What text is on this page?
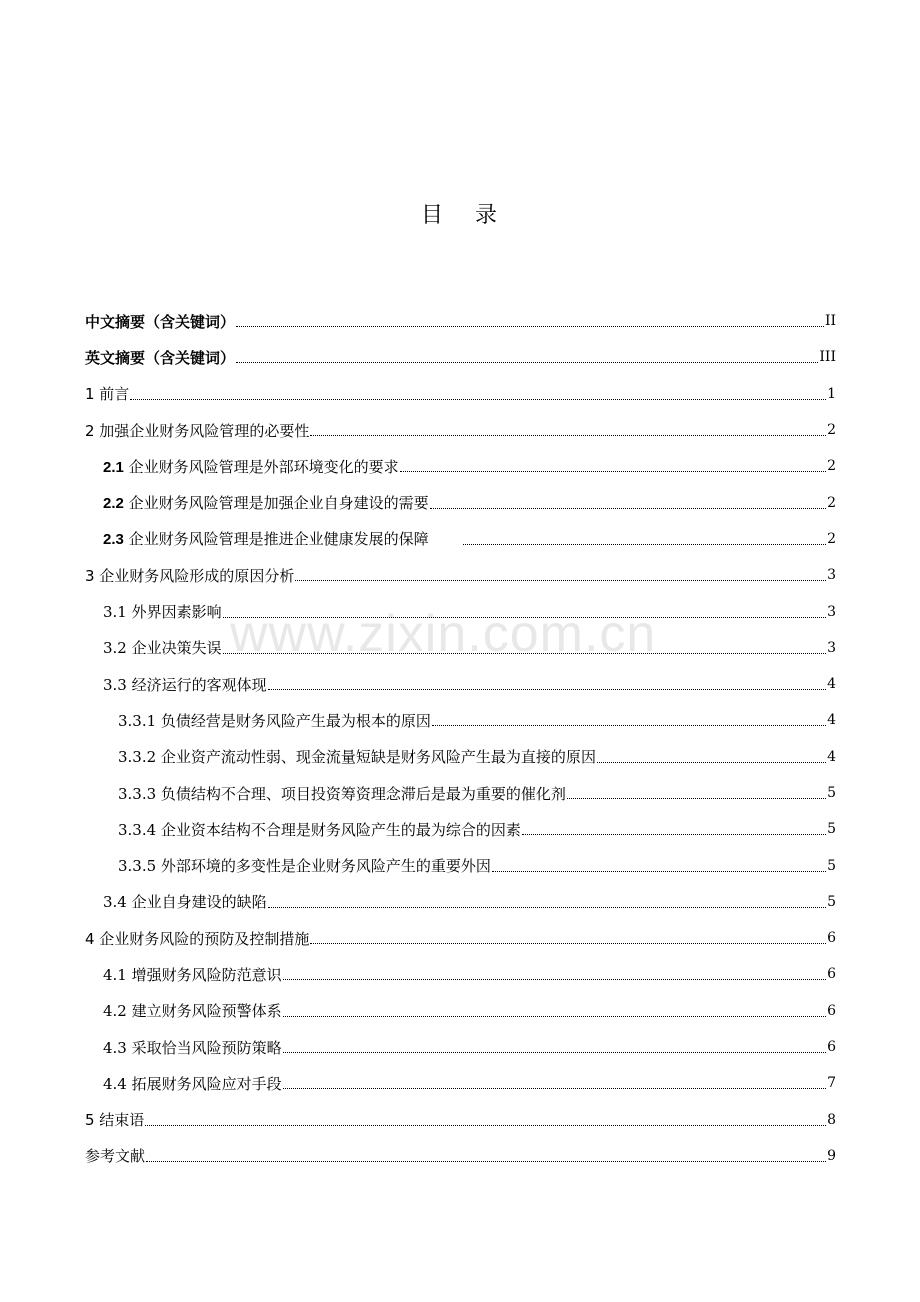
目 录
www.zixin.com.cn
中文摘要（含关键词）	II
英文摘要（含关键词）	III
1 前言	1
2 加强企业财务风险管理的必要性	2
2.1 企业财务风险管理是外部环境变化的要求	2
2.2 企业财务风险管理是加强企业自身建设的需要	2
2.3 企业财务风险管理是推进企业健康发展的保障	2
3 企业财务风险形成的原因分析	3
3.1 外界因素影响	3
3.2 企业决策失误	3
3.3 经济运行的客观体现	4
3.3.1 负债经营是财务风险产生最为根本的原因	4
3.3.2 企业资产流动性弱、现金流量短缺是财务风险产生最为直接的原因	4
3.3.3 负债结构不合理、项目投资筹资理念滞后是最为重要的催化剂	5
3.3.4 企业资本结构不合理是财务风险产生的最为综合的因素	5
3.3.5 外部环境的多变性是企业财务风险产生的重要外因	5
3.4 企业自身建设的缺陷	5
4 企业财务风险的预防及控制措施	6
4.1 增强财务风险防范意识	6
4.2 建立财务风险预警体系	6
4.3 采取恰当风险预防策略	6
4.4 拓展财务风险应对手段	7
5 结束语	8
参考文献	9
